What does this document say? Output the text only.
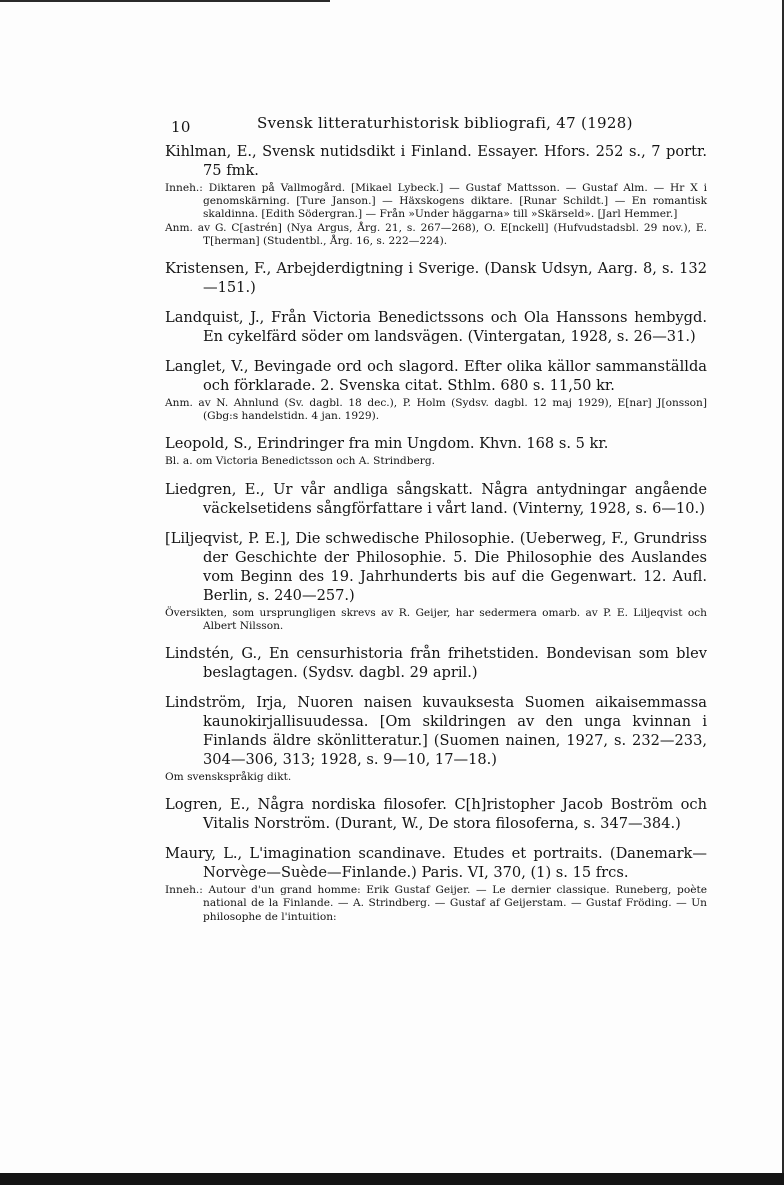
10	Svensk litteraturhistorisk bibliografi, 47 (1928)
Kihlman, E., Svensk nutidsdikt i Finland. Essayer. Hfors. 252 s., 7 portr. 75 fmk.
Inneh.: Diktaren på Vallmogård. [Mikael Lybeck.] — Gustaf Mattsson. — Gustaf Alm. — Hr X i genomskärning. [Ture Janson.] — Häxskogens diktare. [Runar Schildt.] — En romantisk skaldinna. [Edith Södergran.] — Från »Under häggarna» till »Skärseld». [Jarl Hemmer.]
Anm. av G. C[astrén] (Nya Argus, Årg. 21, s. 267—268), O. E[nckell] (Hufvudstadsbl. 29 nov.), E. T[herman] (Studentbl., Årg. 16, s. 222—224).
Kristensen, F., Arbejderdigtning i Sverige. (Dansk Udsyn, Aarg. 8, s. 132—151.)
Landquist, J., Från Victoria Benedictssons och Ola Hanssons hembygd. En cykelfärd söder om landsvägen. (Vintergatan, 1928, s. 26—31.)
Langlet, V., Bevingade ord och slagord. Efter olika källor sammanställda och förklarade. 2. Svenska citat. Sthlm. 680 s. 11,50 kr.
Anm. av N. Ahnlund (Sv. dagbl. 18 dec.), P. Holm (Sydsv. dagbl. 12 maj 1929), E[nar] J[onsson] (Gbg:s handelstidn. 4 jan. 1929).
Leopold, S., Erindringer fra min Ungdom. Khvn. 168 s. 5 kr.
Bl. a. om Victoria Benedictsson och A. Strindberg.
Liedgren, E., Ur vår andliga sångskatt. Några antydningar angående väckelsetidens sångförfattare i vårt land. (Vinterny, 1928, s. 6—10.)
[Liljeqvist, P. E.], Die schwedische Philosophie. (Ueberweg, F., Grundriss der Geschichte der Philosophie. 5. Die Philosophie des Auslandes vom Beginn des 19. Jahrhunderts bis auf die Gegenwart. 12. Aufl. Berlin, s. 240—257.)
Översikten, som ursprungligen skrevs av R. Geijer, har sedermera omarb. av P. E. Liljeqvist och Albert Nilsson.
Lindstén, G., En censurhistoria från frihetstiden. Bondevisan som blev beslagtagen. (Sydsv. dagbl. 29 april.)
Lindström, Irja, Nuoren naisen kuvauksesta Suomen aikaisemmassa kaunokirjallisuudessa. [Om skildringen av den unga kvinnan i Finlands äldre skönlitteratur.] (Suomen nainen, 1927, s. 232—233, 304—306, 313; 1928, s. 9—10, 17—18.)
Om svenskspråkig dikt.
Logren, E., Några nordiska filosofer. C[h]ristopher Jacob Boström och Vitalis Norström. (Durant, W., De stora filosoferna, s. 347—384.)
Maury, L., L'imagination scandinave. Etudes et portraits. (Danemark—Norvège—Suède—Finlande.) Paris. VI, 370, (1) s. 15 frcs.
Inneh.: Autour d'un grand homme: Erik Gustaf Geijer. — Le dernier classique. Runeberg, poète national de la Finlande. — A. Strindberg. — Gustaf af Geijerstam. — Gustaf Fröding. — Un philosophe de l'intuition:
